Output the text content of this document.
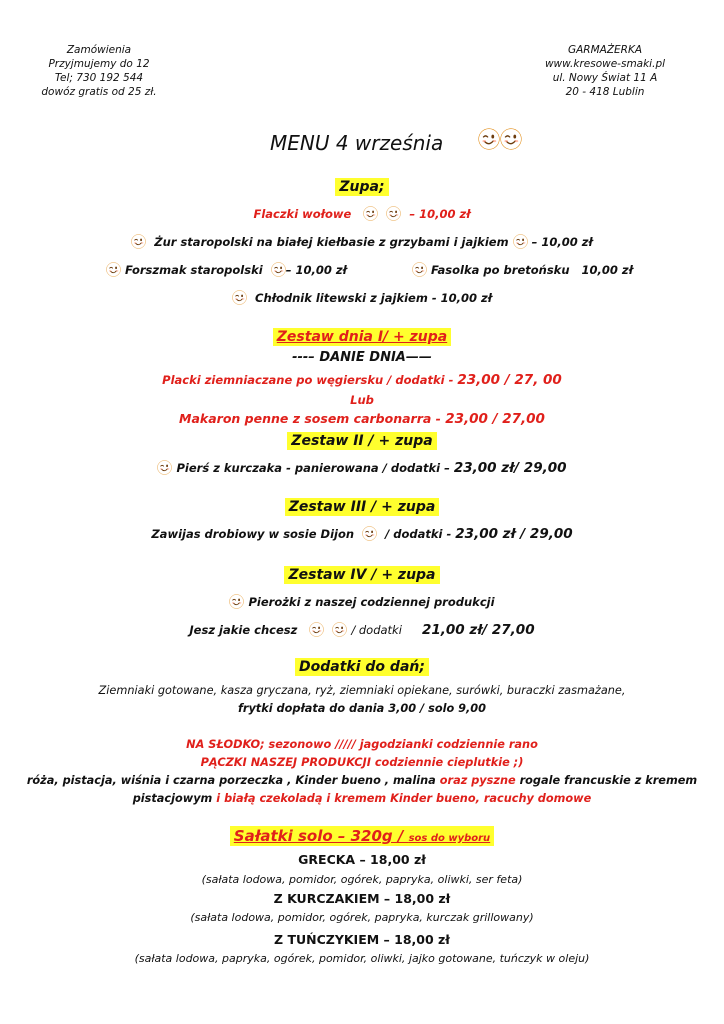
Zamówienia
Przyjmujemy do 12
Tel; 730 192 544
dowóz gratis od 25 zł.
GARMAŻERKA
www.kresowe-smaki.pl
ul. Nowy Świat 11 A
20 - 418 Lublin
MENU 4 września
Zupa;
Flaczki wołowe
	– 10,00 zł
Żur staropolski na białej kiełbasie z grzybami i jajkiem – 10,00 zł
Forszmak staropolski – 10,00 zł	Fasolka po bretońsku 10,00 zł
Chłodnik litewski z jajkiem - 10,00 zł
Zestaw dnia I/ + zupa
---– DANIE DNIA——
Placki ziemniaczane po węgiersku / dodatki - 23,00 / 27, 00
Lub
Makaron penne z sosem carbonarra - 23,00 / 27,00
Zestaw II / + zupa
Pierś z kurczaka - panierowana / dodatki – 23,00 zł/ 29,00
Zestaw III / + zupa
Zawijas drobiowy w sosie Dijon	/ dodatki - 23,00 zł / 29,00
Zestaw IV / + zupa
Pierożki z naszej codziennej produkcji
Jesz jakie chcesz
	/ dodatki 21,00 zł/ 27,00
Dodatki do dań;
Ziemniaki gotowane, kasza gryczana, ryż, ziemniaki opiekane, surówki, buraczki zasmażane,
frytki dopłata do dania 3,00 / solo 9,00
NA SŁODKO; sezonowo ///// jagodzianki codziennie rano
PĄCZKI NASZEJ PRODUKCJI codziennie cieplutkie ;)
róża, pistacja, wiśnia i czarna porzeczka , Kinder bueno , malina oraz pyszne rogale francuskie z kremem
pistacjowym i białą czekoladą i kremem Kinder bueno, racuchy domowe
Sałatki solo – 320g / sos do wyboru
GRECKA – 18,00 zł
(sałata lodowa, pomidor, ogórek, papryka, oliwki, ser feta)
Z KURCZAKIEM – 18,00 zł
(sałata lodowa, pomidor, ogórek, papryka, kurczak grillowany)
Z TUŃCZYKIEM – 18,00 zł
(sałata lodowa, papryka, ogórek, pomidor, oliwki, jajko gotowane, tuńczyk w oleju)
